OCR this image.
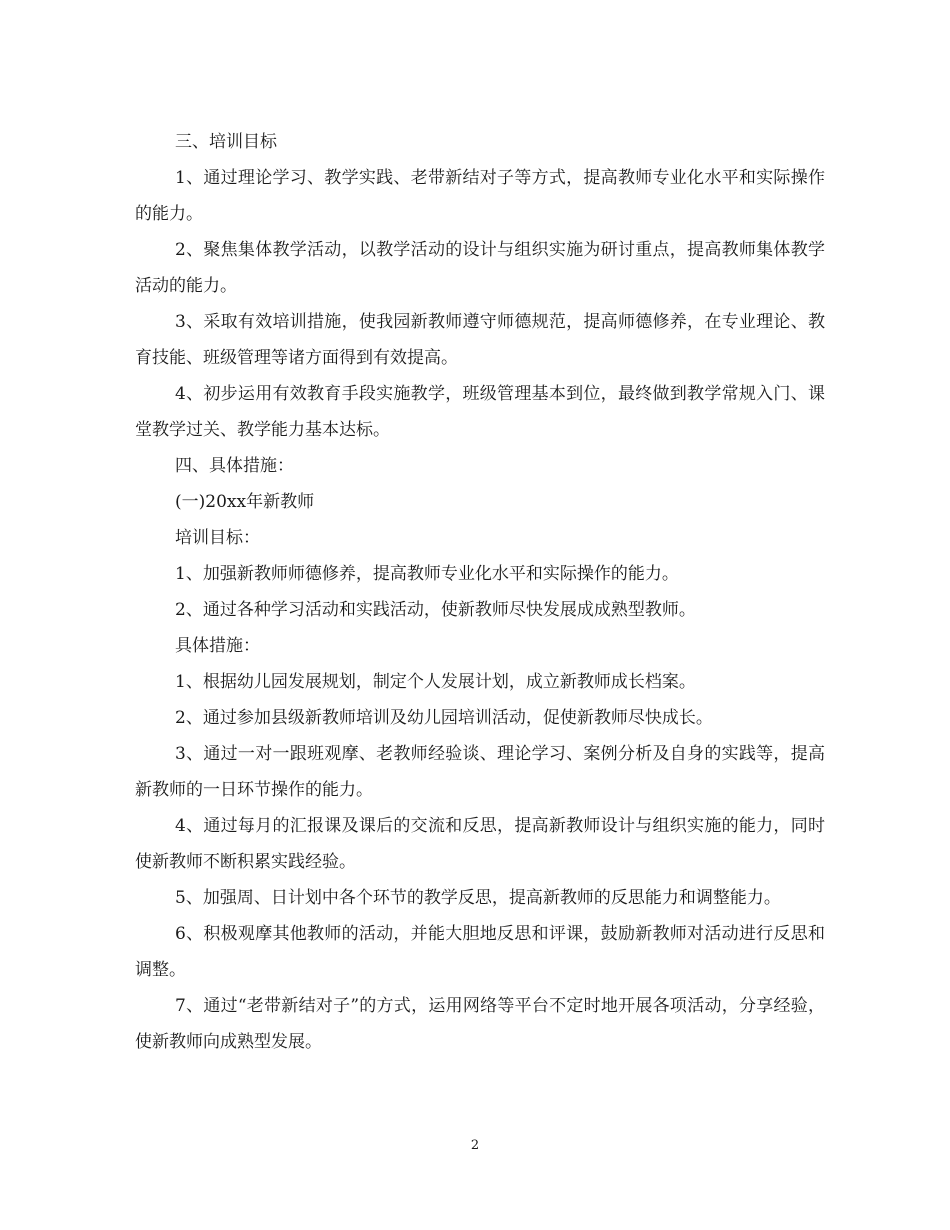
三、培训目标

1、通过理论学习、教学实践、老带新结对子等方式，提高教师专业化水平和实际操作的能力。

2、聚焦集体教学活动，以教学活动的设计与组织实施为研讨重点，提高教师集体教学活动的能力。

3、采取有效培训措施，使我园新教师遵守师德规范，提高师德修养，在专业理论、教育技能、班级管理等诸方面得到有效提高。

4、初步运用有效教育手段实施教学，班级管理基本到位，最终做到教学常规入门、课堂教学过关、教学能力基本达标。

四、具体措施：

(一)20xx年新教师

培训目标：

1、加强新教师师德修养，提高教师专业化水平和实际操作的能力。

2、通过各种学习活动和实践活动，使新教师尽快发展成成熟型教师。

具体措施：

1、根据幼儿园发展规划，制定个人发展计划，成立新教师成长档案。

2、通过参加县级新教师培训及幼儿园培训活动，促使新教师尽快成长。

3、通过一对一跟班观摩、老教师经验谈、理论学习、案例分析及自身的实践等，提高新教师的一日环节操作的能力。

4、通过每月的汇报课及课后的交流和反思，提高新教师设计与组织实施的能力，同时使新教师不断积累实践经验。

5、加强周、日计划中各个环节的教学反思，提高新教师的反思能力和调整能力。

6、积极观摩其他教师的活动，并能大胆地反思和评课，鼓励新教师对活动进行反思和调整。

7、通过“老带新结对子”的方式，运用网络等平台不定时地开展各项活动，分享经验，使新教师向成熟型发展。

2
